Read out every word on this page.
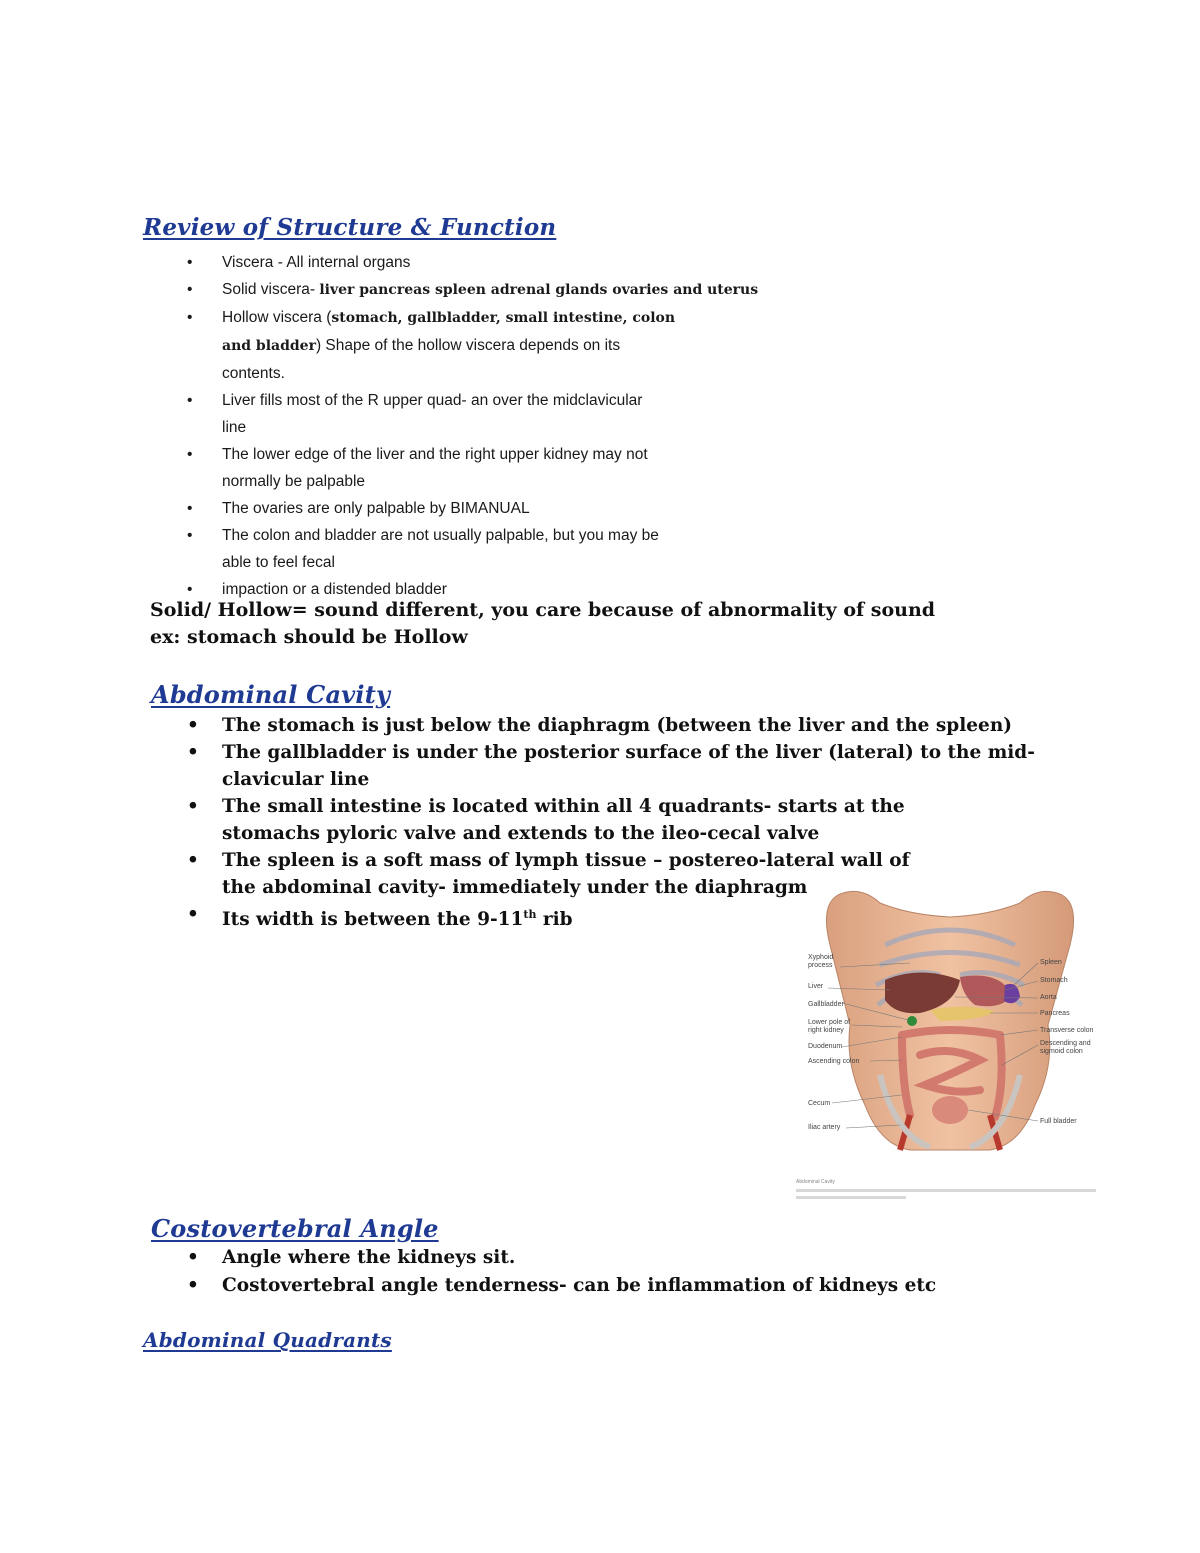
Review of Structure & Function
• Viscera - All internal organs
• Solid viscera- liver pancreas spleen adrenal glands ovaries and uterus
• Hollow viscera (stomach, gallbladder, small intestine, colon
and bladder) Shape of the hollow viscera depends on its
contents.
• Liver fills most of the R upper quad- an over the midclavicular
line
• The lower edge of the liver and the right upper kidney may not
normally be palpable
• The ovaries are only palpable by BIMANUAL
• The colon and bladder are not usually palpable, but you may be
able to feel fecal
• impaction or a distended bladder

Solid/ Hollow= sound different, you care because of abnormality of sound

ex: stomach should be Hollow

Abdominal Cavity
• The stomach is just below the diaphragm (between the liver and the spleen)
• The gallbladder is under the posterior surface of the liver (lateral) to the mid-
clavicular line
• The small intestine is located within all 4 quadrants- starts at the
stomachs pyloric valve and extends to the ileo-cecal valve
• The spleen is a soft mass of lymph tissue – postereo-lateral wall of
the abdominal cavity- immediately under the diaphragm
• Its width is between the 9-11th rib
Xyphoid
process
Liver
Gallbladder
Lower pole of
right kidney
Duodenum
Ascending colon
Cecum
Iliac artery
Spleen
Stomach
Aorta
Pancreas
Transverse colon
Descending and
sigmoid colon
Full bladder
Abdominal Cavity
Costovertebral Angle
• Angle where the kidneys sit.
• Costovertebral angle tenderness- can be inflammation of kidneys etc
Abdominal Quadrants
